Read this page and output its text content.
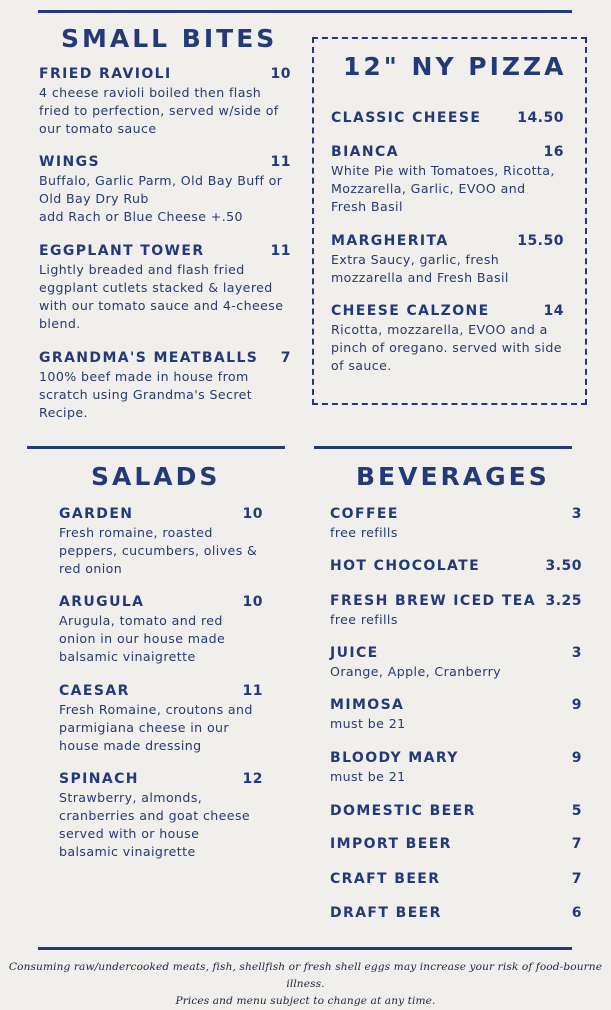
SMALL BITES
FRIED RAVIOLI	10
4 cheese ravioli boiled then flash fried to perfection, served w/side of our tomato sauce
WINGS	11
Buffalo, Garlic Parm, Old Bay Buff or Old Bay Dry Rub
add Rach or Blue Cheese +.50
EGGPLANT TOWER	11
Lightly breaded and flash fried eggplant cutlets stacked & layered with our tomato sauce and 4-cheese blend.
GRANDMA'S MEATBALLS 7
100% beef made in house from scratch using Grandma's Secret Recipe.
12" NY PIZZA
CLASSIC CHEESE	14.50
BIANCA	16
White Pie with Tomatoes, Ricotta, Mozzarella, Garlic, EVOO and Fresh Basil
MARGHERITA	15.50
Extra Saucy, garlic, fresh mozzarella and Fresh Basil
CHEESE CALZONE	14
Ricotta, mozzarella, EVOO and a pinch of oregano. served with side of sauce.
SALADS
GARDEN	10
Fresh romaine, roasted peppers, cucumbers, olives & red onion
ARUGULA	10
Arugula, tomato and red onion in our house made balsamic vinaigrette
CAESAR	11
Fresh Romaine, croutons and parmigiana cheese in our house made dressing
SPINACH	12
Strawberry, almonds, cranberries and goat cheese served with or house balsamic vinaigrette
BEVERAGES
COFFEE	3
free refills
HOT CHOCOLATE	3.50
FRESH BREW ICED TEA 3.25
free refills
JUICE	3
Orange, Apple, Cranberry
MIMOSA	9
must be 21
BLOODY MARY	9
must be 21
DOMESTIC BEER	5
IMPORT BEER	7
CRAFT BEER	7
DRAFT BEER	6
Consuming raw/undercooked meats, fish, shellfish or fresh shell eggs may increase your risk of food-bourne illness.
Prices and menu subject to change at any time.
